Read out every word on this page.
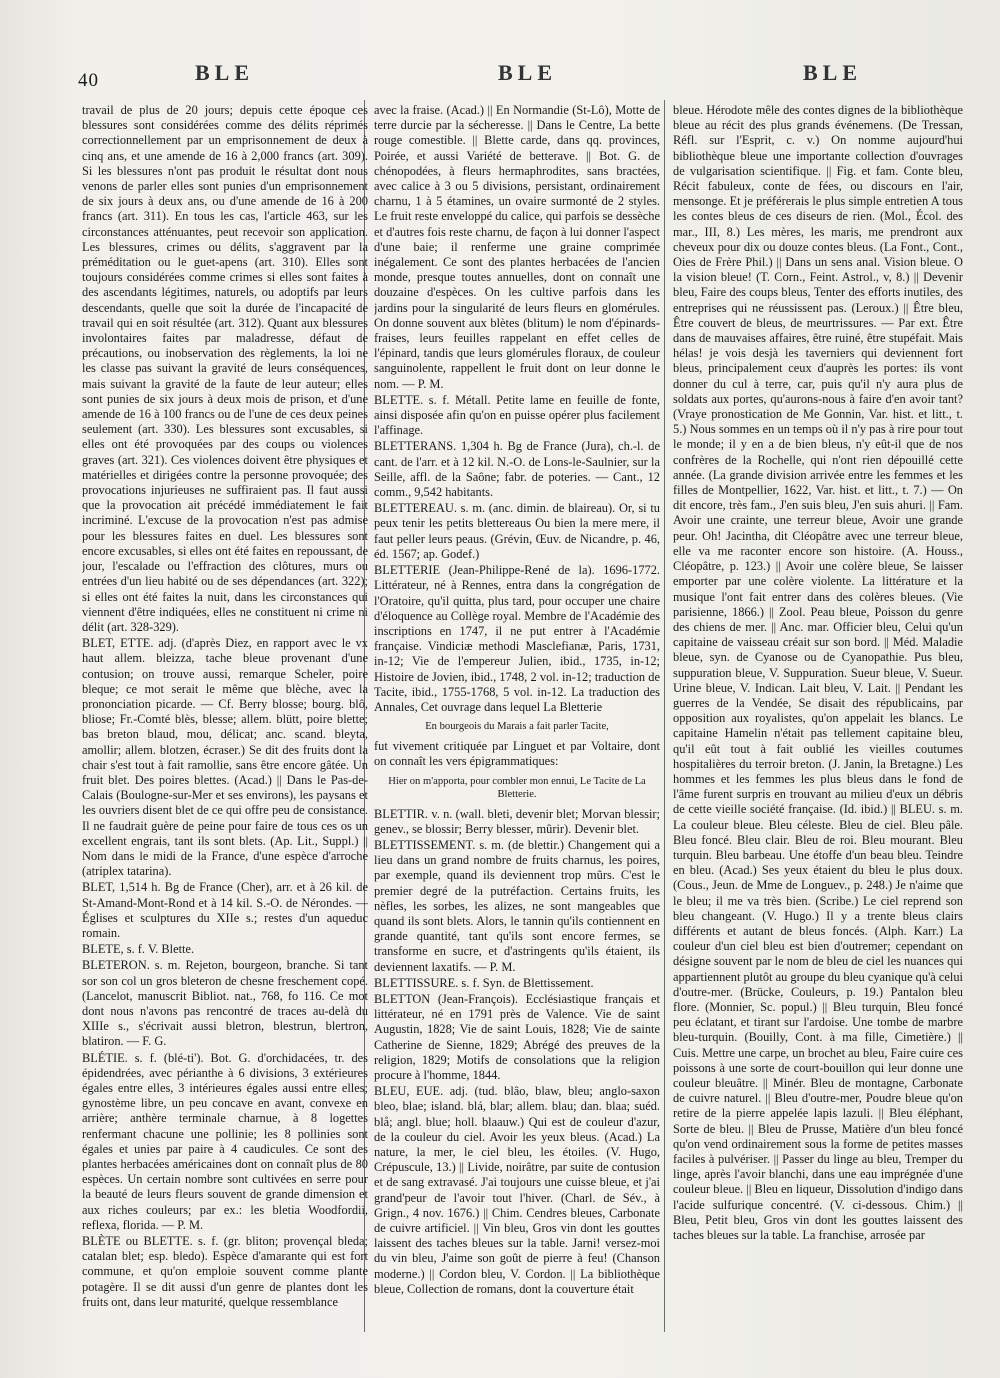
40	BLE	BLE	BLE

travail de plus de 20 jours; depuis cette époque ces blessures sont considérées comme des délits réprimés correctionnellement par un emprisonnement de deux à cinq ans, et une amende de 16 à 2,000 francs (art. 309). Si les blessures n'ont pas produit le résultat dont nous venons de parler elles sont punies d'un emprisonnement de six jours à deux ans, ou d'une amende de 16 à 200 francs (art. 311). En tous les cas, l'article 463, sur les circonstances atténuantes, peut recevoir son application. Les blessures, crimes ou délits, s'aggravent par la préméditation ou le guet-apens (art. 310). Elles sont toujours considérées comme crimes si elles sont faites à des ascendants légitimes, naturels, ou adoptifs par leurs descendants, quelle que soit la durée de l'incapacité de travail qui en soit résultée (art. 312). Quant aux blessures involontaires faites par maladresse, défaut de précautions, ou inobservation des règlements, la loi ne les classe pas suivant la gravité de leurs conséquences, mais suivant la gravité de la faute de leur auteur; elles sont punies de six jours à deux mois de prison, et d'une amende de 16 à 100 francs ou de l'une de ces deux peines seulement (art. 330). Les blessures sont excusables, si elles ont été provoquées par des coups ou violences graves (art. 321). Ces violences doivent être physiques et matérielles et dirigées contre la personne provoquée; des provocations injurieuses ne suffiraient pas. Il faut aussi que la provocation ait précédé immédiatement le fait incriminé. L'excuse de la provocation n'est pas admise pour les blessures faites en duel. Les blessures sont encore excusables, si elles ont été faites en repoussant, de jour, l'escalade ou l'effraction des clôtures, murs ou entrées d'un lieu habité ou de ses dépendances (art. 322); si elles ont été faites la nuit, dans les circonstances qui viennent d'être indiquées, elles ne constituent ni crime ni délit (art. 328-329).

BLET, ETTE. adj. (d'après Diez, en rapport avec le vx haut allem. bleizza, tache bleue provenant d'une contusion; on trouve aussi, remarque Scheler, poire bleque; ce mot serait le même que blèche, avec la prononciation picarde. — Cf. Berry blosse; bourg. blô, bliose; Fr.-Comté blès, blesse; allem. blütt, poire blette; bas breton blaud, mou, délicat; anc. scand. bleyta, amollir; allem. blotzen, écraser.) Se dit des fruits dont la chair s'est tout à fait ramollie, sans être encore gâtée. Un fruit blet. Des poires blettes. (Acad.) || Dans le Pas-de-Calais (Boulogne-sur-Mer et ses environs), les paysans et les ouvriers disent blet de ce qui offre peu de consistance. Il ne faudrait guère de peine pour faire de tous ces os un excellent engrais, tant ils sont blets. (Ap. Lit., Suppl.) || Nom dans le midi de la France, d'une espèce d'arroche (atriplex tatarina).

BLET, 1,514 h. Bg de France (Cher), arr. et à 26 kil. de St-Amand-Mont-Rond et à 14 kil. S.-O. de Nérondes. — Églises et sculptures du XIIe s.; restes d'un aqueduc romain.

BLETE, s. f. V. Blette.

BLETERON. s. m. Rejeton, bourgeon, branche. Si tant sor son col un gros bleteron de chesne freschement copé. (Lancelot, manuscrit Bibliot. nat., 768, fo 116. Ce mot dont nous n'avons pas rencontré de traces au-delà du XIIIe s., s'écrivait aussi bletron, blestrun, blertron, blatiron. — F. G.

BLÉTIE. s. f. (blé-ti'). Bot. G. d'orchidacées, tr. des épidendrées, avec périanthe à 6 divisions, 3 extérieures égales entre elles, 3 intérieures égales aussi entre elles; gynostème libre, un peu concave en avant, convexe en arrière; anthère terminale charnue, à 8 logettes renfermant chacune une pollinie; les 8 pollinies sont égales et unies par paire à 4 caudicules. Ce sont des plantes herbacées américaines dont on connaît plus de 80 espèces. Un certain nombre sont cultivées en serre pour la beauté de leurs fleurs souvent de grande dimension et aux riches couleurs; par ex.: les bletia Woodfordii, reflexa, florida. — P. M.

BLÈTE ou BLETTE. s. f. (gr. bliton; provençal bleda; catalan blet; esp. bledo). Espèce d'amarante qui est fort commune, et qu'on emploie souvent comme plante potagère. Il se dit aussi d'un genre de plantes dont les fruits ont, dans leur maturité, quelque ressemblance

avec la fraise. (Acad.) || En Normandie (St-Lô), Motte de terre durcie par la sécheresse. || Dans le Centre, La bette rouge comestible. || Blette carde, dans qq. provinces, Poirée, et aussi Variété de betterave. || Bot. G. de chénopodées, à fleurs hermaphrodites, sans bractées, avec calice à 3 ou 5 divisions, persistant, ordinairement charnu, 1 à 5 étamines, un ovaire surmonté de 2 styles. Le fruit reste enveloppé du calice, qui parfois se dessèche et d'autres fois reste charnu, de façon à lui donner l'aspect d'une baie; il renferme une graine comprimée inégalement. Ce sont des plantes herbacées de l'ancien monde, presque toutes annuelles, dont on connaît une douzaine d'espèces. On les cultive parfois dans les jardins pour la singularité de leurs fleurs en glomérules. On donne souvent aux blètes (blitum) le nom d'épinards-fraises, leurs feuilles rappelant en effet celles de l'épinard, tandis que leurs glomérules floraux, de couleur sanguinolente, rappellent le fruit dont on leur donne le nom. — P. M.

BLETTE. s. f. Métall. Petite lame en feuille de fonte, ainsi disposée afin qu'on en puisse opérer plus facilement l'affinage.

BLETTERANS. 1,304 h. Bg de France (Jura), ch.-l. de cant. de l'arr. et à 12 kil. N.-O. de Lons-le-Saulnier, sur la Seille, affl. de la Saône; fabr. de poteries. — Cant., 12 comm., 9,542 habitants.

BLETTEREAU. s. m. (anc. dimin. de blaireau). Or, si tu peux tenir les petits blettereaus Ou bien la mere mere, il faut peller leurs peaus. (Grévin, Œuv. de Nicandre, p. 46, éd. 1567; ap. Godef.)

BLETTERIE (Jean-Philippe-René de la). 1696-1772. Littérateur, né à Rennes, entra dans la congrégation de l'Oratoire, qu'il quitta, plus tard, pour occuper une chaire d'éloquence au Collège royal. Membre de l'Académie des inscriptions en 1747, il ne put entrer à l'Académie française. Vindiciæ methodi Masclefianæ, Paris, 1731, in-12; Vie de l'empereur Julien, ibid., 1735, in-12; Histoire de Jovien, ibid., 1748, 2 vol. in-12; traduction de Tacite, ibid., 1755-1768, 5 vol. in-12. La traduction des Annales, Cet ouvrage dans lequel La Bletterie

En bourgeois du Marais a fait parler Tacite,

fut vivement critiquée par Linguet et par Voltaire, dont on connaît les vers épigrammatiques:

Hier on m'apporta, pour combler mon ennui, Le Tacite de La Bletterie.

BLETTIR. v. n. (wall. bleti, devenir blet; Morvan blessir; genev., se blossir; Berry blesser, mûrir). Devenir blet.

BLETTISSEMENT. s. m. (de blettir.) Changement qui a lieu dans un grand nombre de fruits charnus, les poires, par exemple, quand ils deviennent trop mûrs. C'est le premier degré de la putréfaction. Certains fruits, les nèfles, les sorbes, les alizes, ne sont mangeables que quand ils sont blets. Alors, le tannin qu'ils contiennent en grande quantité, tant qu'ils sont encore fermes, se transforme en sucre, et d'astringents qu'ils étaient, ils deviennent laxatifs. — P. M.

BLETTISSURE. s. f. Syn. de Blettissement.

BLETTON (Jean-François). Ecclésiastique français et littérateur, né en 1791 près de Valence. Vie de saint Augustin, 1828; Vie de saint Louis, 1828; Vie de sainte Catherine de Sienne, 1829; Abrégé des preuves de la religion, 1829; Motifs de consolations que la religion procure à l'homme, 1844.

BLEU, EUE. adj. (tud. blâo, blaw, bleu; anglo-saxon bleo, blae; island. blá, blar; allem. blau; dan. blaa; suéd. blå; angl. blue; holl. blaauw.) Qui est de couleur d'azur, de la couleur du ciel. Avoir les yeux bleus. (Acad.) La nature, la mer, le ciel bleu, les étoiles. (V. Hugo, Crépuscule, 13.) || Livide, noirâtre, par suite de contusion et de sang extravasé. J'ai toujours une cuisse bleue, et j'ai grand'peur de l'avoir tout l'hiver. (Charl. de Sév., à Grign., 4 nov. 1676.) || Chim. Cendres bleues, Carbonate de cuivre artificiel. || Vin bleu, Gros vin dont les gouttes laissent des taches bleues sur la table. Jarni! versez-moi du vin bleu, J'aime son goût de pierre à feu! (Chanson moderne.) || Cordon bleu, V. Cordon. || La bibliothèque bleue, Collection de romans, dont la couverture était

bleue. Hérodote mêle des contes dignes de la bibliothèque bleue au récit des plus grands événemens. (De Tressan, Réfl. sur l'Esprit, c. v.) On nomme aujourd'hui bibliothèque bleue une importante collection d'ouvrages de vulgarisation scientifique. || Fig. et fam. Conte bleu, Récit fabuleux, conte de fées, ou discours en l'air, mensonge. Et je préférerais le plus simple entretien A tous les contes bleus de ces diseurs de rien. (Mol., Écol. des mar., III, 8.) Les mères, les maris, me prendront aux cheveux pour dix ou douze contes bleus. (La Font., Cont., Oies de Frère Phil.) || Dans un sens anal. Vision bleue. O la vision bleue! (T. Corn., Feint. Astrol., v, 8.) || Devenir bleu, Faire des coups bleus, Tenter des efforts inutiles, des entreprises qui ne réussissent pas. (Leroux.) || Être bleu, Être couvert de bleus, de meurtrissures. — Par ext. Être dans de mauvaises affaires, être ruiné, être stupéfait. Mais hélas! je vois desjà les taverniers qui deviennent fort bleus, principalement ceux d'auprès les portes: ils vont donner du cul à terre, car, puis qu'il n'y aura plus de soldats aux portes, qu'aurons-nous à faire d'en avoir tant? (Vraye pronostication de Me Gonnin, Var. hist. et litt., t. 5.) Nous sommes en un temps où il n'y pas à rire pour tout le monde; il y en a de bien bleus, n'y eût-il que de nos confrères de la Rochelle, qui n'ont rien dépouillé cette année. (La grande division arrivée entre les femmes et les filles de Montpellier, 1622, Var. hist. et litt., t. 7.) — On dit encore, très fam., J'en suis bleu, J'en suis ahuri. || Fam. Avoir une crainte, une terreur bleue, Avoir une grande peur. Oh! Jacintha, dit Cléopâtre avec une terreur bleue, elle va me raconter encore son histoire. (A. Houss., Cléopâtre, p. 123.) || Avoir une colère bleue, Se laisser emporter par une colère violente. La littérature et la musique l'ont fait entrer dans des colères bleues. (Vie parisienne, 1866.) || Zool. Peau bleue, Poisson du genre des chiens de mer. || Anc. mar. Officier bleu, Celui qu'un capitaine de vaisseau créait sur son bord. || Méd. Maladie bleue, syn. de Cyanose ou de Cyanopathie. Pus bleu, suppuration bleue, V. Suppuration. Sueur bleue, V. Sueur. Urine bleue, V. Indican. Lait bleu, V. Lait. || Pendant les guerres de la Vendée, Se disait des républicains, par opposition aux royalistes, qu'on appelait les blancs. Le capitaine Hamelin n'était pas tellement capitaine bleu, qu'il eût tout à fait oublié les vieilles coutumes hospitalières du terroir breton. (J. Janin, la Bretagne.) Les hommes et les femmes les plus bleus dans le fond de l'âme furent surpris en trouvant au milieu d'eux un débris de cette vieille société française. (Id. ibid.) || BLEU. s. m. La couleur bleue. Bleu céleste. Bleu de ciel. Bleu pâle. Bleu foncé. Bleu clair. Bleu de roi. Bleu mourant. Bleu turquin. Bleu barbeau. Une étoffe d'un beau bleu. Teindre en bleu. (Acad.) Ses yeux étaient du bleu le plus doux. (Cous., Jeun. de Mme de Longuev., p. 248.) Je n'aime que le bleu; il me va très bien. (Scribe.) Le ciel reprend son bleu changeant. (V. Hugo.) Il y a trente bleus clairs différents et autant de bleus foncés. (Alph. Karr.) La couleur d'un ciel bleu est bien d'outremer; cependant on désigne souvent par le nom de bleu de ciel les nuances qui appartiennent plutôt au groupe du bleu cyanique qu'à celui d'outre-mer. (Brücke, Couleurs, p. 19.) Pantalon bleu flore. (Monnier, Sc. popul.) || Bleu turquin, Bleu foncé peu éclatant, et tirant sur l'ardoise. Une tombe de marbre bleu-turquin. (Bouilly, Cont. à ma fille, Cimetière.) || Cuis. Mettre une carpe, un brochet au bleu, Faire cuire ces poissons à une sorte de court-bouillon qui leur donne une couleur bleuâtre. || Minér. Bleu de montagne, Carbonate de cuivre naturel. || Bleu d'outre-mer, Poudre bleue qu'on retire de la pierre appelée lapis lazuli. || Bleu éléphant, Sorte de bleu. || Bleu de Prusse, Matière d'un bleu foncé qu'on vend ordinairement sous la forme de petites masses faciles à pulvériser. || Passer du linge au bleu, Tremper du linge, après l'avoir blanchi, dans une eau imprégnée d'une couleur bleue. || Bleu en liqueur, Dissolution d'indigo dans l'acide sulfurique concentré. (V. ci-dessous. Chim.) || Bleu, Petit bleu, Gros vin dont les gouttes laissent des taches bleues sur la table. La franchise, arrosée par
